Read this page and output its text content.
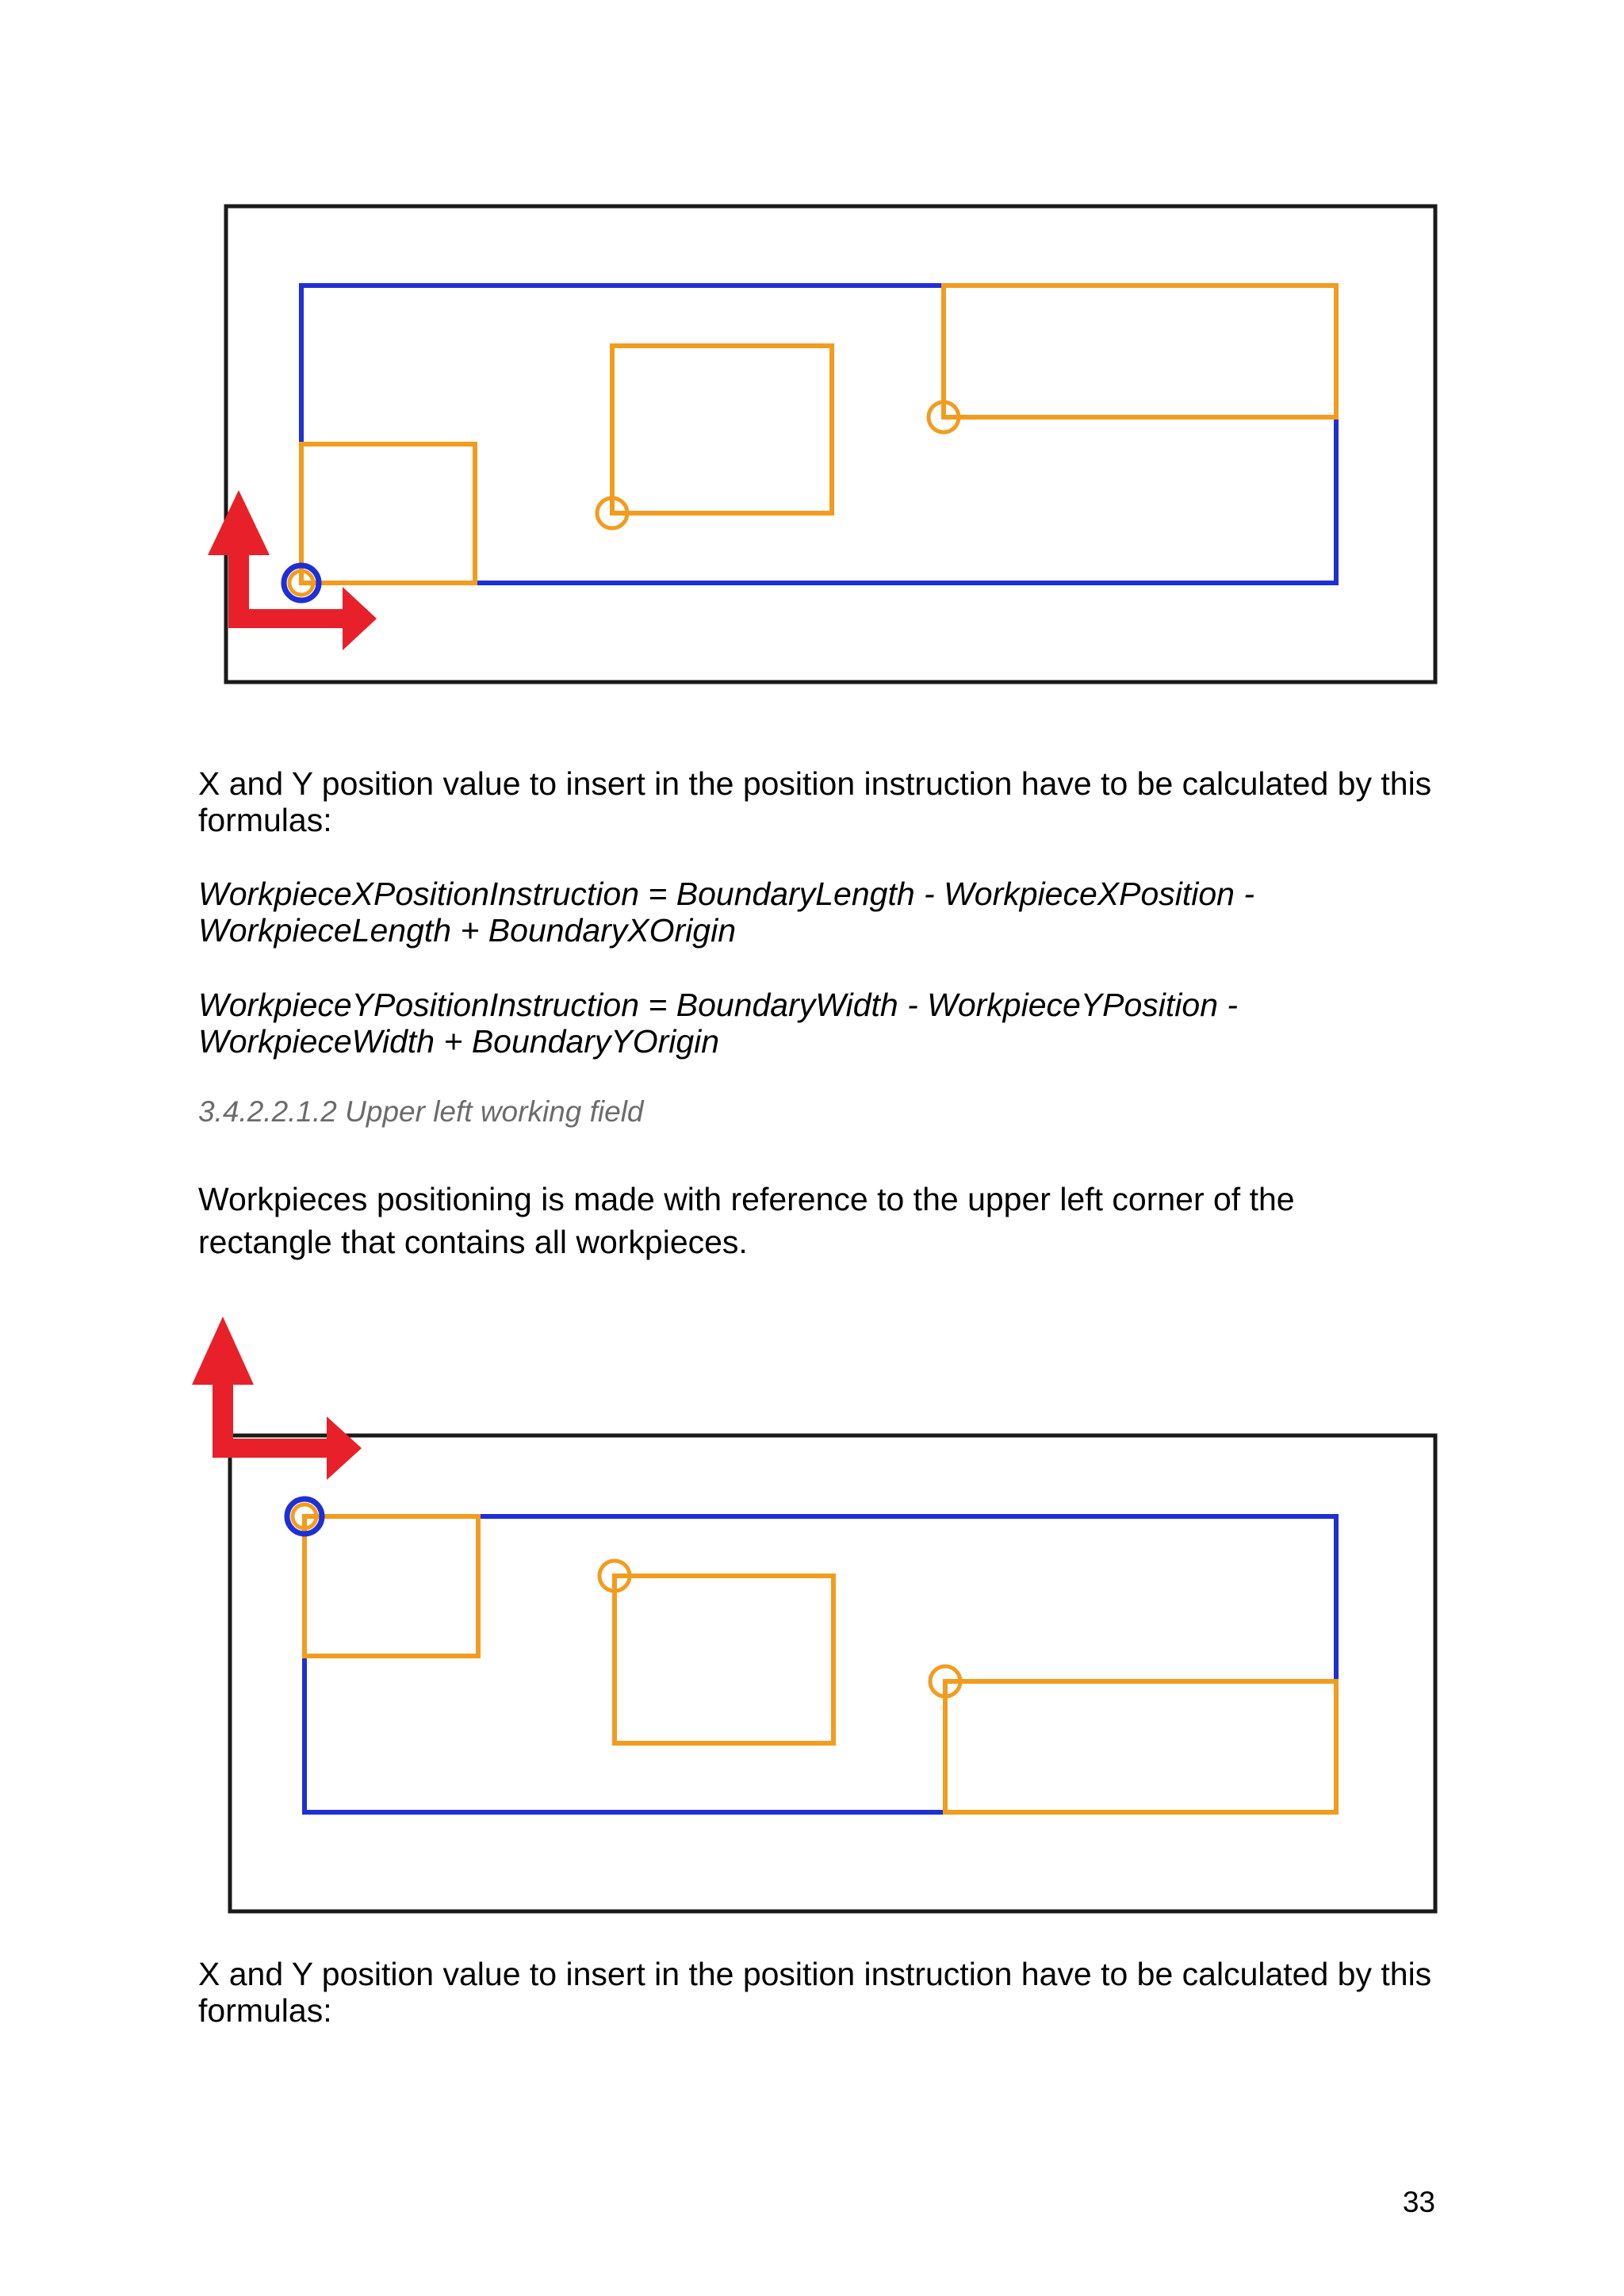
X and Y position value to insert in the position instruction have to be calculated by this formulas:

WorkpieceXPositionInstruction = BoundaryLength - WorkpieceXPosition - WorkpieceLength + BoundaryXOrigin

WorkpieceYPositionInstruction = BoundaryWidth - WorkpieceYPosition - WorkpieceWidth + BoundaryYOrigin

3.4.2.2.1.2 Upper left working field

Workpieces positioning is made with reference to the upper left corner of the rectangle that contains all workpieces.

X and Y position value to insert in the position instruction have to be calculated by this formulas:

33
